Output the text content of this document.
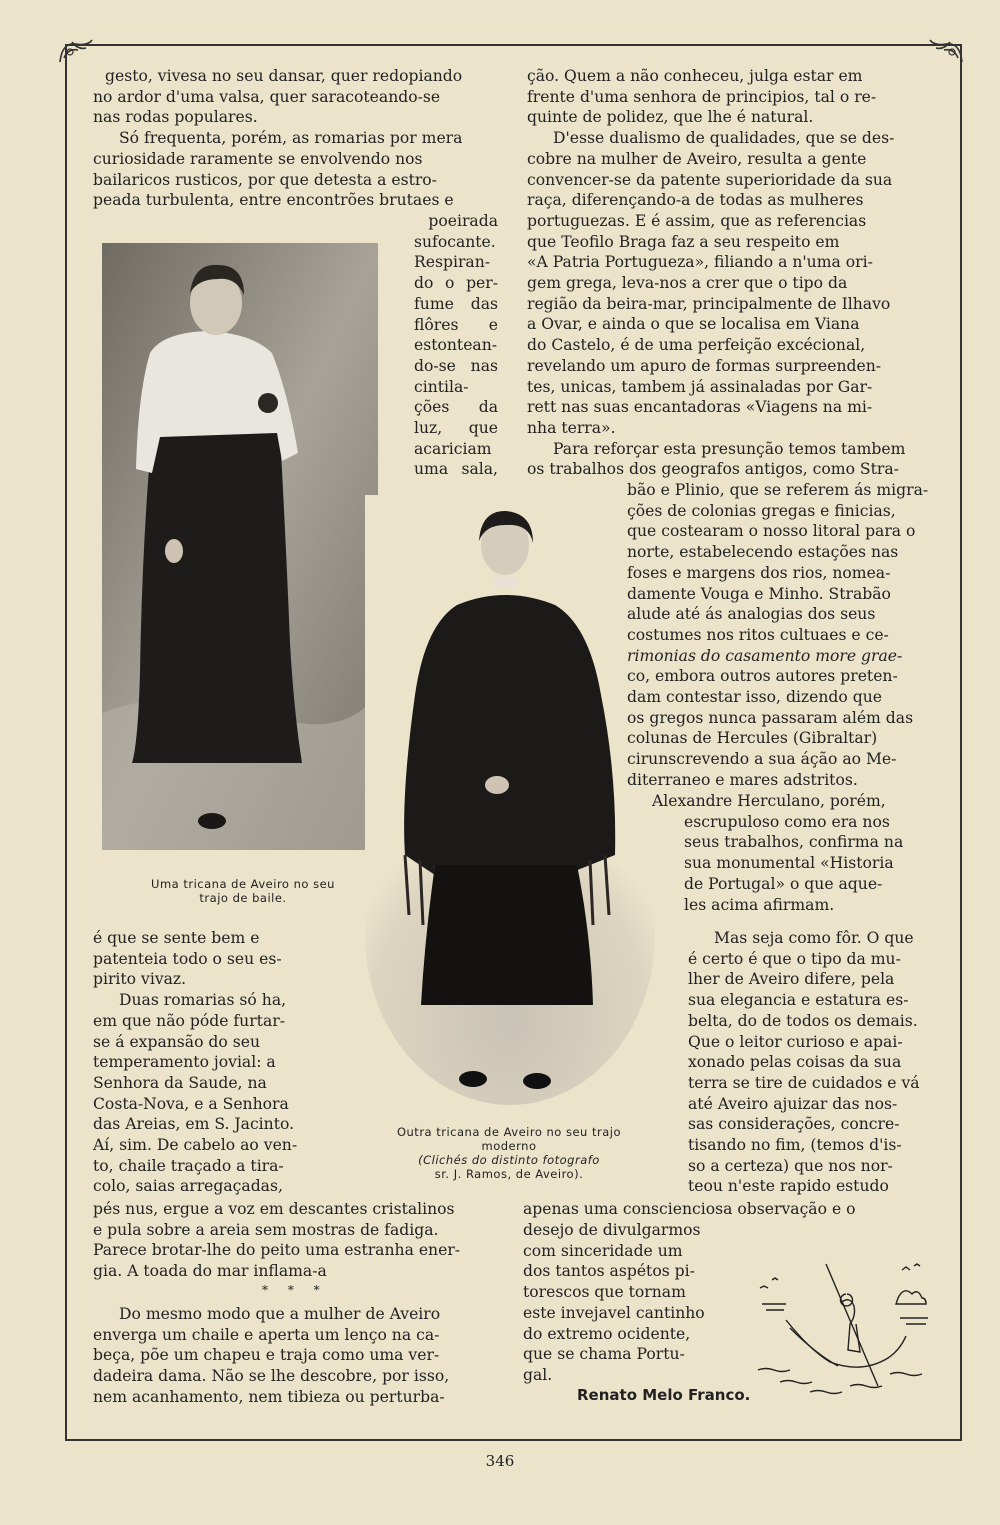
gesto, vivesa no seu dansar, quer redopiando

no ardor d'uma valsa, quer saracoteando-se

nas rodas populares.

Só frequenta, porém, as romarias por mera

curiosidade raramente se envolvendo nos

bailaricos rusticos, por que detesta a estro-

peada turbulenta, entre encontrões brutaes e

poeirada

sufocante.

Respiran-

do o per-

fume das

flôres e

estontean-

do-se nas

cintila-

ções da

luz, que

acariciam

uma sala,

Uma tricana de Aveiro no seu
trajo de baile.

é que se sente bem e

patenteia todo o seu es-

pirito vivaz.

Duas romarias só ha,

em que não póde furtar-

se á expansão do seu

temperamento jovial: a

Senhora da Saude, na

Costa-Nova, e a Senhora

das Areias, em S. Jacinto.

Aí, sim. De cabelo ao ven-

to, chaile traçado a tira-

colo, saias arregaçadas,

Outra tricana de Aveiro no seu trajo
moderno
(Clichés do distinto fotografo
sr. J. Ramos, de Aveiro).

pés nus, ergue a voz em descantes cristalinos

e pula sobre a areia sem mostras de fadiga.

Parece brotar-lhe do peito uma estranha ener-

gia. A toada do mar inflama-a

* * *

Do mesmo modo que a mulher de Aveiro

enverga um chaile e aperta um lenço na ca-

beça, põe um chapeu e traja como uma ver-

dadeira dama. Não se lhe descobre, por isso,

nem acanhamento, nem tibieza ou perturba-

ção. Quem a não conheceu, julga estar em

frente d'uma senhora de principios, tal o re-

quinte de polidez, que lhe é natural.

D'esse dualismo de qualidades, que se des-

cobre na mulher de Aveiro, resulta a gente

convencer-se da patente superioridade da sua

raça, diferençando-a de todas as mulheres

portuguezas. E é assim, que as referencias

que Teofilo Braga faz a seu respeito em

«A Patria Portugueza», filiando a n'uma ori-

gem grega, leva-nos a crer que o tipo da

região da beira-mar, principalmente de Ilhavo

a Ovar, e ainda o que se localisa em Viana

do Castelo, é de uma perfeição excécional,

revelando um apuro de formas surpreenden-

tes, unicas, tambem já assinaladas por Gar-

rett nas suas encantadoras «Viagens na mi-

nha terra».

Para reforçar esta presunção temos tambem

os trabalhos dos geografos antigos, como Stra-

bão e Plinio, que se referem ás migra-

ções de colonias gregas e finicias,

que costearam o nosso litoral para o

norte, estabelecendo estações nas

foses e margens dos rios, nomea-

damente Vouga e Minho. Strabão

alude até ás analogias dos seus

costumes nos ritos cultuaes e ce-

rimonias do casamento more grae-

co, embora outros autores preten-

dam contestar isso, dizendo que

os gregos nunca passaram além das

colunas de Hercules (Gibraltar)

cirunscrevendo a sua áção ao Me-

diterraneo e mares adstritos.

Alexandre Herculano, porém,

escrupuloso como era nos

seus trabalhos, confirma na

sua monumental «Historia

de Portugal» o que aque-

les acima afirmam.

Mas seja como fôr. O que

é certo é que o tipo da mu-

lher de Aveiro difere, pela

sua elegancia e estatura es-

belta, do de todos os demais.

Que o leitor curioso e apai-

xonado pelas coisas da sua

terra se tire de cuidados e vá

até Aveiro ajuizar das nos-

sas considerações, concre-

tisando no fim, (temos d'is-

so a certeza) que nos nor-

teou n'este rapido estudo

apenas uma conscienciosa observação e o

desejo de divulgarmos

com sinceridade um

dos tantos aspétos pi-

torescos que tornam

este invejavel cantinho

do extremo ocidente,

que se chama Portu-

gal.

Renato Melo Franco.
346
